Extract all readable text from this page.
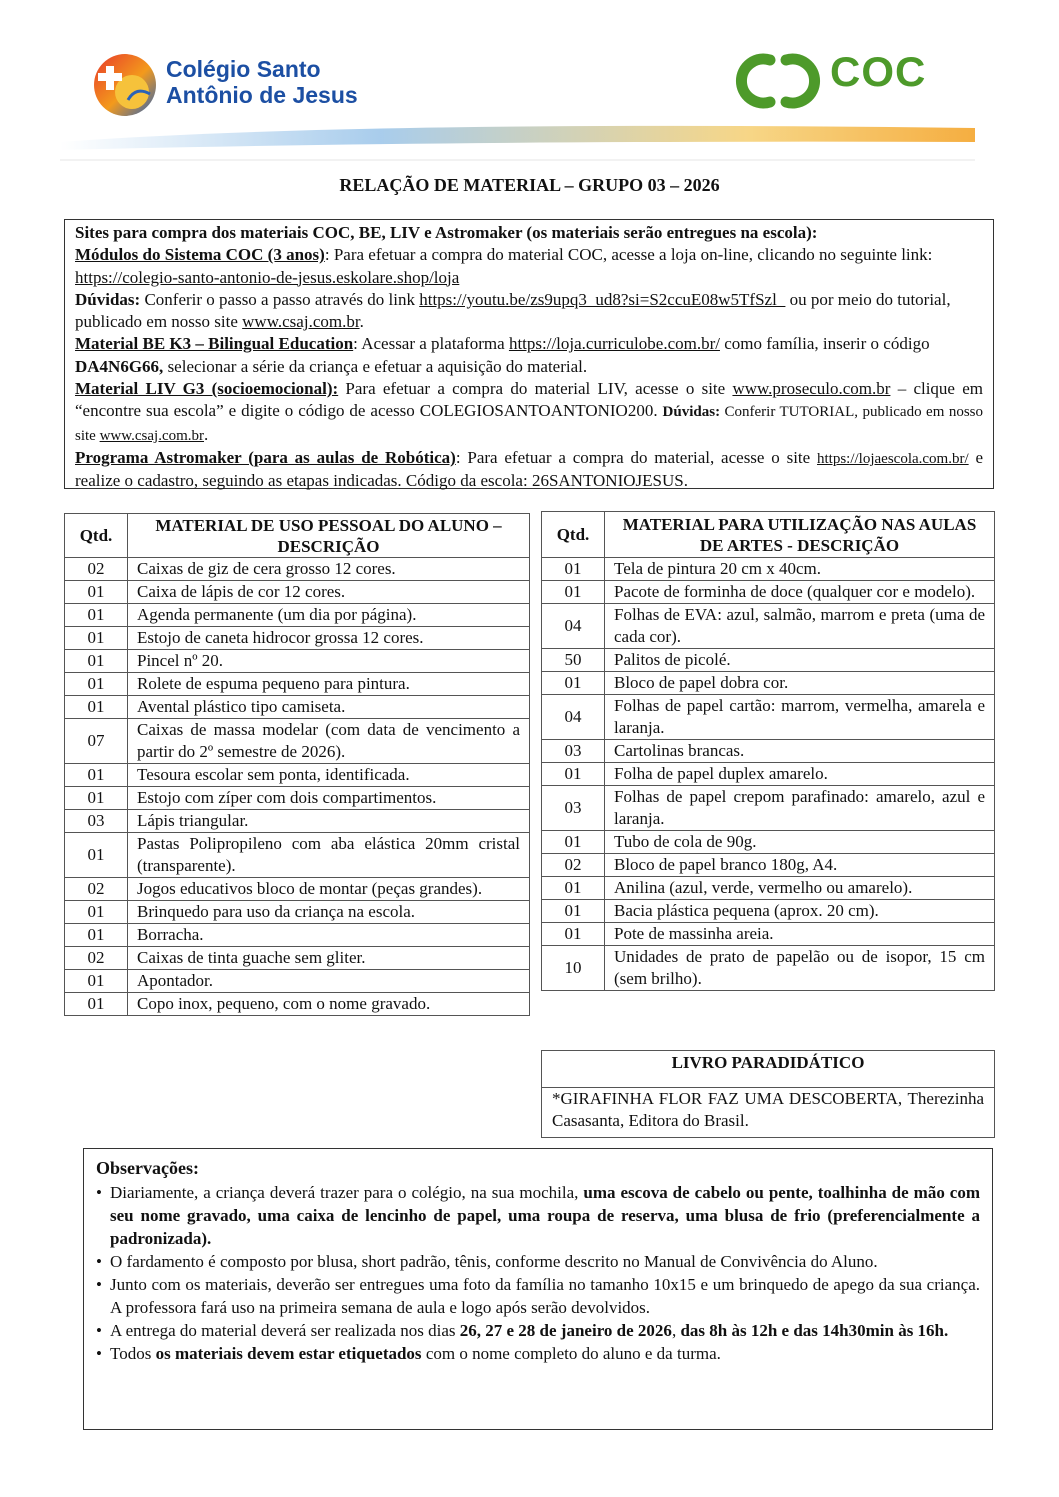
Colégio Santo
Antônio de Jesus	COC
RELAÇÃO DE MATERIAL – GRUPO 03 – 2026

Sites para compra dos materiais COC, BE, LIV e Astromaker (os materiais serão entregues na escola):

Módulos do Sistema COC (3 anos): Para efetuar a compra do material COC, acesse a loja on-line, clicando no seguinte link: https://colegio-santo-antonio-de-jesus.eskolare.shop/loja

Dúvidas: Conferir o passo a passo através do link https://youtu.be/zs9upq3_ud8?si=S2ccuE08w5TfSzl_ ou por meio do tutorial, publicado em nosso site www.csaj.com.br.

Material BE K3 – Bilingual Education: Acessar a plataforma https://loja.curriculobe.com.br/ como família, inserir o código DA4N6G66, selecionar a série da criança e efetuar a aquisição do material.

Material LIV G3 (socioemocional): Para efetuar a compra do material LIV, acesse o site www.proseculo.com.br – clique em “encontre sua escola” e digite o código de acesso COLEGIOSANTOANTONIO200. Dúvidas: Conferir TUTORIAL, publicado em nosso site www.csaj.com.br.

Programa Astromaker (para as aulas de Robótica): Para efetuar a compra do material, acesse o site https://lojaescola.com.br/ e realize o cadastro, seguindo as etapas indicadas. Código da escola: 26SANTONIOJESUS.

Qtd.	MATERIAL DE USO PESSOAL DO ALUNO – DESCRIÇÃO
02	Caixas de giz de cera grosso 12 cores.
01	Caixa de lápis de cor 12 cores.
01	Agenda permanente (um dia por página).
01	Estojo de caneta hidrocor grossa 12 cores.
01	Pincel nº 20.
01	Rolete de espuma pequeno para pintura.
01	Avental plástico tipo camiseta.
07	Caixas de massa modelar (com data de vencimento a partir do 2º semestre de 2026).
01	Tesoura escolar sem ponta, identificada.
01	Estojo com zíper com dois compartimentos.
03	Lápis triangular.
01	Pastas Polipropileno com aba elástica 20mm cristal (transparente).
02	Jogos educativos bloco de montar (peças grandes).
01	Brinquedo para uso da criança na escola.
01	Borracha.
02	Caixas de tinta guache sem gliter.
01	Apontador.
01	Copo inox, pequeno, com o nome gravado.
Qtd.	MATERIAL PARA UTILIZAÇÃO NAS AULAS DE ARTES - DESCRIÇÃO
01	Tela de pintura 20 cm x 40cm.
01	Pacote de forminha de doce (qualquer cor e modelo).
04	Folhas de EVA: azul, salmão, marrom e preta (uma de cada cor).
50	Palitos de picolé.
01	Bloco de papel dobra cor.
04	Folhas de papel cartão: marrom, vermelha, amarela e laranja.
03	Cartolinas brancas.
01	Folha de papel duplex amarelo.
03	Folhas de papel crepom parafinado: amarelo, azul e laranja.
01	Tubo de cola de 90g.
02	Bloco de papel branco 180g, A4.
01	Anilina (azul, verde, vermelho ou amarelo).
01	Bacia plástica pequena (aprox. 20 cm).
01	Pote de massinha areia.
10	Unidades de prato de papelão ou de isopor, 15 cm (sem brilho).
LIVRO PARADIDÁTICO
*GIRAFINHA FLOR FAZ UMA DESCOBERTA, Therezinha Casasanta, Editora do Brasil.
Observações:
• Diariamente, a criança deverá trazer para o colégio, na sua mochila, uma escova de cabelo ou pente, toalhinha de mão com seu nome gravado, uma caixa de lencinho de papel, uma roupa de reserva, uma blusa de frio (preferencialmente a padronizada).
• O fardamento é composto por blusa, short padrão, tênis, conforme descrito no Manual de Convivência do Aluno.
• Junto com os materiais, deverão ser entregues uma foto da família no tamanho 10x15 e um brinquedo de apego da sua criança. A professora fará uso na primeira semana de aula e logo após serão devolvidos.
• A entrega do material deverá ser realizada nos dias 26, 27 e 28 de janeiro de 2026, das 8h às 12h e das 14h30min às 16h.
• Todos os materiais devem estar etiquetados com o nome completo do aluno e da turma.
